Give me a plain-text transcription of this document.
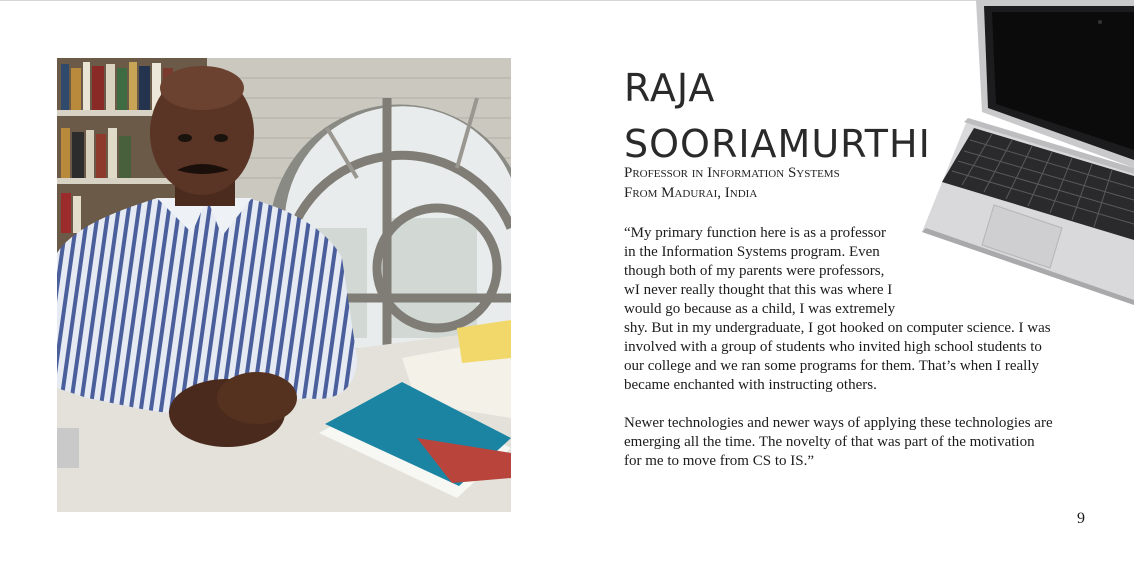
RAJA
SOORIAMURTHI
Professor in Information Systems
From Madurai, India

“My primary function here is as a professor
in the Information Systems program. Even
though both of my parents were professors,
wI never really thought that this was where I
would go because as a child, I was extremely
shy. But in my undergraduate, I got hooked on computer science. I was
involved with a group of students who invited high school students to
our college and we ran some programs for them. That’s when I really
became enchanted with instructing others.

Newer technologies and newer ways of applying these technologies are
emerging all the time. The novelty of that was part of the motivation
for me to move from CS to IS.”

9
